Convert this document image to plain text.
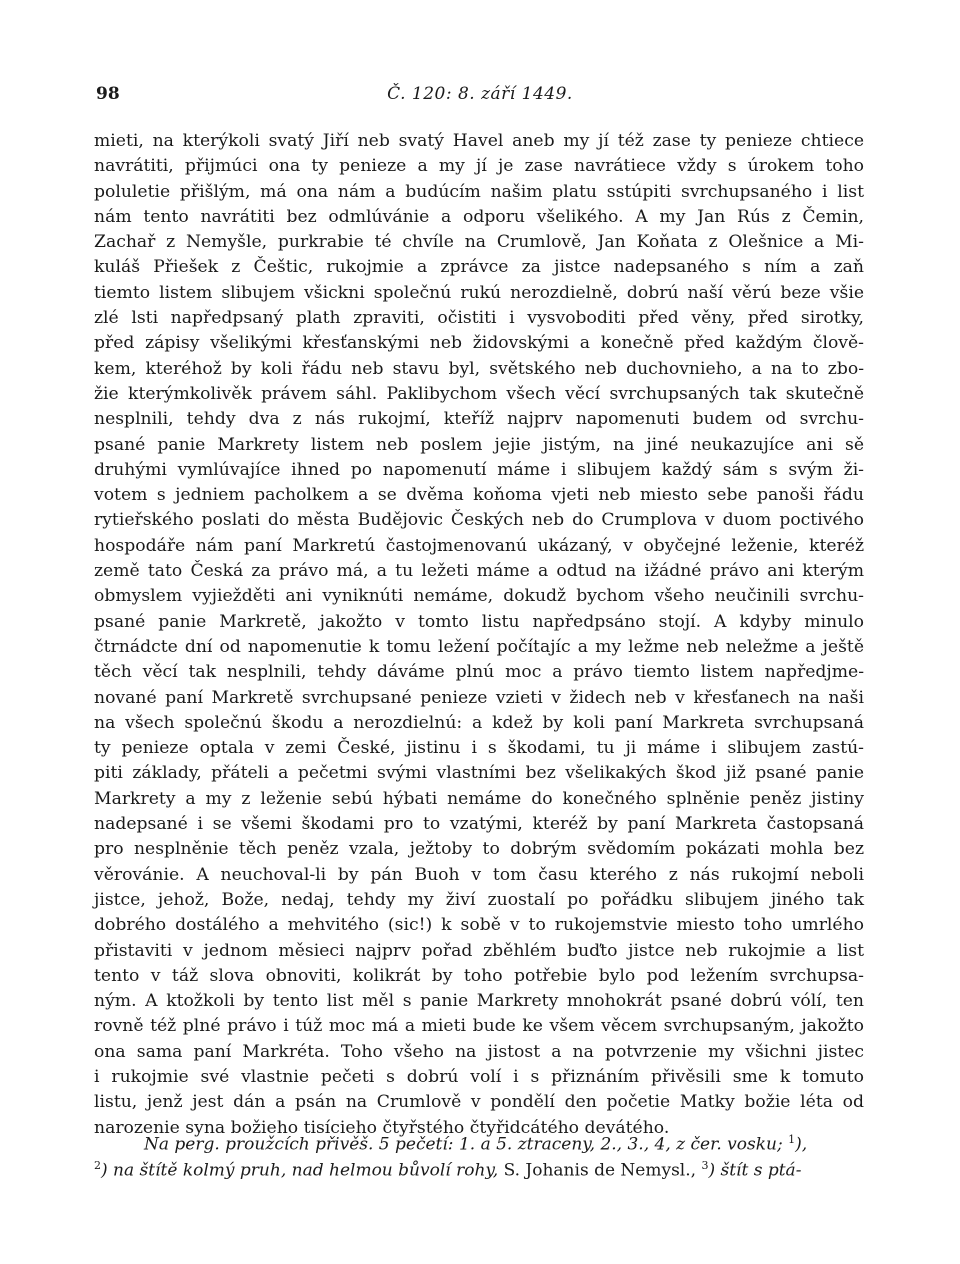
98	Č. 120: 8. září 1449.
mieti, na kterýkoli svatý Jiří neb svatý Havel aneb my jí též zase ty penieze chtiece
navrátiti, přijmúci ona ty penieze a my jí je zase navrátiece vždy s úrokem toho
poluletie přišlým, má ona nám a budúcím našim platu sstúpiti svrchupsaného i list
nám tento navrátiti bez odmlúvánie a odporu všelikého. A my Jan Rús z Čemin,
Zachař z Nemyšle, purkrabie té chvíle na Crumlově, Jan Koňata z Olešnice a Mi-
kuláš Přiešek z Češtic, rukojmie a zprávce za jistce nadepsaného s ním a zaň
tiemto listem slibujem všickni společnú rukú nerozdielně, dobrú naší věrú beze všie
zlé lsti napředpsaný plath zpraviti, očistiti i vysvoboditi před věny, před sirotky,
před zápisy všelikými křesťanskými neb židovskými a konečně před každým člově-
kem, kteréhož by koli řádu neb stavu byl, světského neb duchovnieho, a na to zbo-
žie kterýmkolivěk právem sáhl. Paklibychom všech věcí svrchupsaných tak skutečně
nesplnili, tehdy dva z nás rukojmí, kteříž najprv napomenuti budem od svrchu-
psané panie Markrety listem neb poslem jejie jistým, na jiné neukazujíce ani sě
druhými vymlúvajíce ihned po napomenutí máme i slibujem každý sám s svým ži-
votem s jedniem pacholkem a se dvěma koňoma vjeti neb miesto sebe panoši řádu
rytieřského poslati do města Budějovic Českých neb do Crumplova v duom poctivého
hospodáře nám paní Markretú častojmenovanú ukázaný, v obyčejné leženie, kteréž
země tato Česká za právo má, a tu ležeti máme a odtud na ižádné právo ani kterým
obmyslem vyjiežděti ani vyniknúti nemáme, dokudž bychom všeho neučinili svrchu-
psané panie Markretě, jakožto v tomto listu napředpsáno stojí. A kdyby minulo
čtrnádcte dní od napomenutie k tomu ležení počítajíc a my ležme neb neležme a ještě
těch věcí tak nesplnili, tehdy dáváme plnú moc a právo tiemto listem napředjme-
nované paní Markretě svrchupsané penieze vzieti v židech neb v křesťanech na naši
na všech společnú škodu a nerozdielnú: a kdež by koli paní Markreta svrchupsaná
ty penieze optala v zemi České, jistinu i s škodami, tu ji máme i slibujem zastú-
piti základy, přáteli a pečetmi svými vlastními bez všelikakých škod již psané panie
Markrety a my z leženie sebú hýbati nemáme do konečného splněnie peněz jistiny
nadepsané i se všemi škodami pro to vzatými, kteréž by paní Markreta častopsaná
pro nesplněnie těch peněz vzala, ježtoby to dobrým svědomím pokázati mohla bez
věrovánie. A neuchoval-li by pán Buoh v tom času kterého z nás rukojmí neboli
jistce, jehož, Bože, nedaj, tehdy my živí zuostalí po pořádku slibujem jiného tak
dobrého dostálého a mehvitého (sic!) k sobě v to rukojemstvie miesto toho umrlého
přistaviti v jednom měsieci najprv pořad zběhlém buďto jistce neb rukojmie a list
tento v táž slova obnoviti, kolikrát by toho potřebie bylo pod ležením svrchupsa-
ným. A ktožkoli by tento list měl s panie Markrety mnohokrát psané dobrú vólí, ten
rovně též plné právo i túž moc má a mieti bude ke všem věcem svrchupsaným, jakožto
ona sama paní Markréta. Toho všeho na jistost a na potvrzenie my všichni jistec
i rukojmie své vlastnie pečeti s dobrú volí i s přiznáním přivěsili sme k tomuto
listu, jenž jest dán a psán na Crumlově v pondělí den početie Matky božie léta od
narozenie syna božieho tisícieho čtyřstého čtyřidcátého devátého.
Na perg. proužcích přivěš. 5 pečetí: 1. a 5. ztraceny, 2., 3., 4, z čer. vosku; $^1$),
$^2$) na štítě kolmý pruh, nad helmou bůvolí rohy, S. Johanis de Nemysl., $^3$) štít s ptá-
